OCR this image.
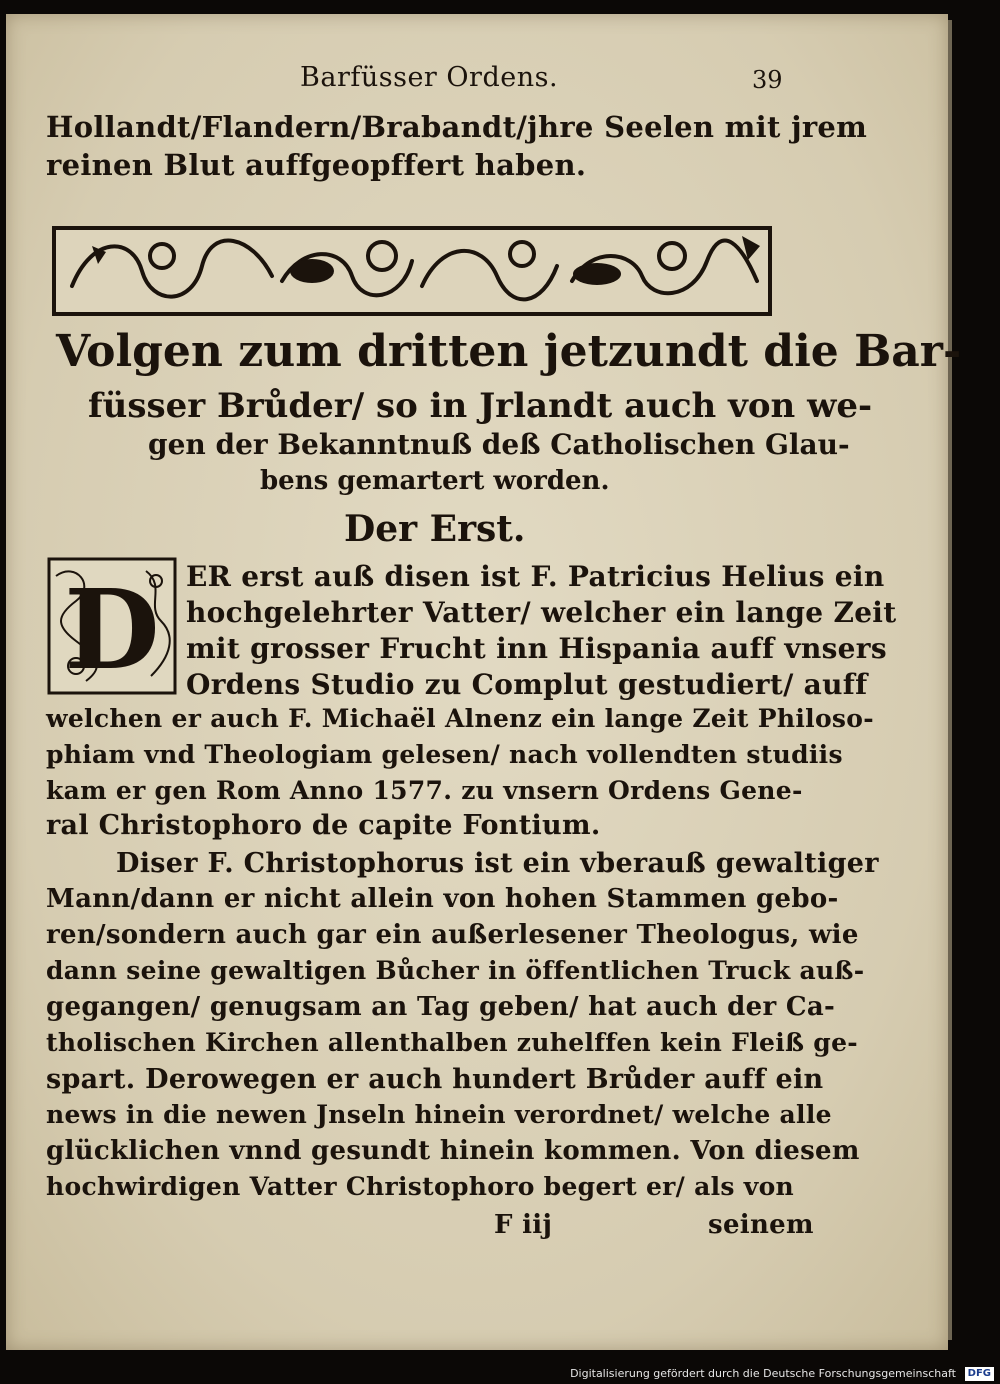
Barfüsser Ordens.	39
Hollandt/Flandern/Brabandt/jhre Seelen mit jrem
reinen Blut auffgeopffert haben.
Volgen zum dritten jetzundt die Bar-
füsser Brůder/ so in Jrlandt auch von we-
gen der Bekanntnuß deß Catholischen Glau-
bens gemartert worden.
Der Erst.
D ER erst auß disen ist F. Patricius Helius ein
hochgelehrter Vatter/ welcher ein lange Zeit
mit grosser Frucht inn Hispania auff vnsers
Ordens Studio zu Complut gestudiert/ auff
welchen er auch F. Michaël Alnenz ein lange Zeit Philoso-
phiam vnd Theologiam gelesen/ nach vollendten studiis
kam er gen Rom Anno 1577. zu vnsern Ordens Gene-
ral Christophoro de capite Fontium.
Diser F. Christophorus ist ein vberauß gewaltiger
Mann/dann er nicht allein von hohen Stammen gebo-
ren/sondern auch gar ein außerlesener Theologus, wie
dann seine gewaltigen Bůcher in öffentlichen Truck auß-
gegangen/ genugsam an Tag geben/ hat auch der Ca-
tholischen Kirchen allenthalben zuhelffen kein Fleiß ge-
spart. Derowegen er auch hundert Brůder auff ein
news in die newen Jnseln hinein verordnet/ welche alle
glücklichen vnnd gesundt hinein kommen. Von diesem
hochwirdigen Vatter Christophoro begert er/ als von
F iij	seinem
Digitalisierung gefördert durch die Deutsche Forschungsgemeinschaft	DFG
